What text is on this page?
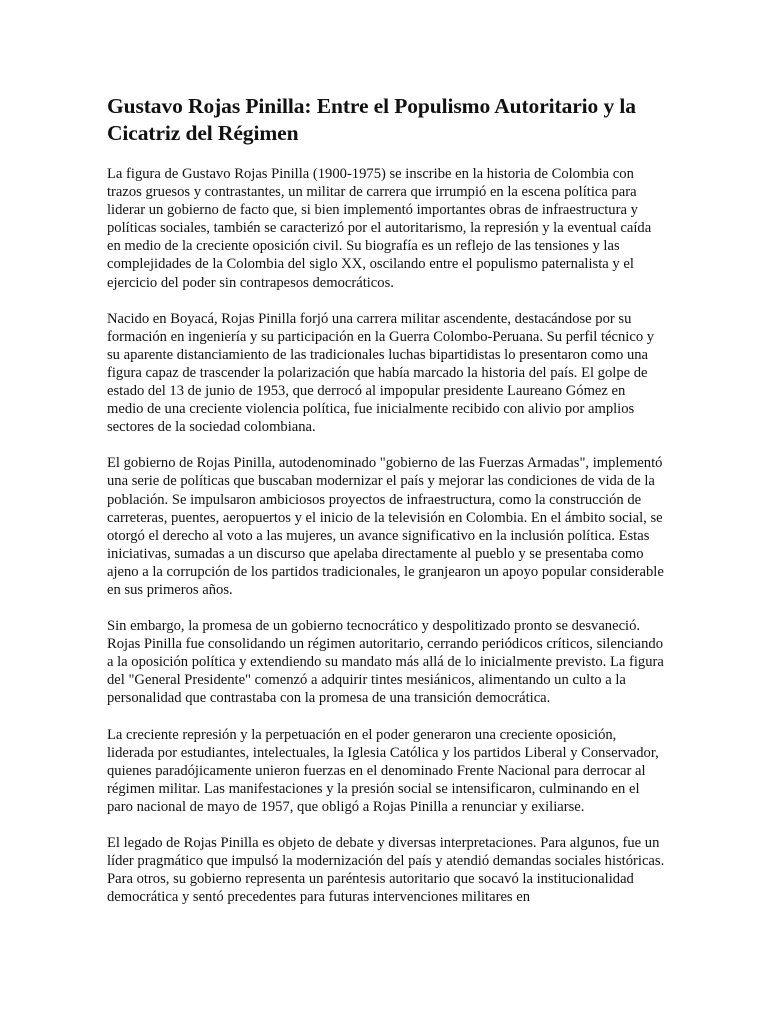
Gustavo Rojas Pinilla: Entre el Populismo Autoritario y la Cicatriz del Régimen

La figura de Gustavo Rojas Pinilla (1900-1975) se inscribe en la historia de Colombia con trazos gruesos y contrastantes, un militar de carrera que irrumpió en la escena política para liderar un gobierno de facto que, si bien implementó importantes obras de infraestructura y políticas sociales, también se caracterizó por el autoritarismo, la represión y la eventual caída en medio de la creciente oposición civil. Su biografía es un reflejo de las tensiones y las complejidades de la Colombia del siglo XX, oscilando entre el populismo paternalista y el ejercicio del poder sin contrapesos democráticos.

Nacido en Boyacá, Rojas Pinilla forjó una carrera militar ascendente, destacándose por su formación en ingeniería y su participación en la Guerra Colombo-Peruana. Su perfil técnico y su aparente distanciamiento de las tradicionales luchas bipartidistas lo presentaron como una figura capaz de trascender la polarización que había marcado la historia del país. El golpe de estado del 13 de junio de 1953, que derrocó al impopular presidente Laureano Gómez en medio de una creciente violencia política, fue inicialmente recibido con alivio por amplios sectores de la sociedad colombiana.

El gobierno de Rojas Pinilla, autodenominado "gobierno de las Fuerzas Armadas", implementó una serie de políticas que buscaban modernizar el país y mejorar las condiciones de vida de la población. Se impulsaron ambiciosos proyectos de infraestructura, como la construcción de carreteras, puentes, aeropuertos y el inicio de la televisión en Colombia. En el ámbito social, se otorgó el derecho al voto a las mujeres, un avance significativo en la inclusión política. Estas iniciativas, sumadas a un discurso que apelaba directamente al pueblo y se presentaba como ajeno a la corrupción de los partidos tradicionales, le granjearon un apoyo popular considerable en sus primeros años.

Sin embargo, la promesa de un gobierno tecnocrático y despolitizado pronto se desvaneció. Rojas Pinilla fue consolidando un régimen autoritario, cerrando periódicos críticos, silenciando a la oposición política y extendiendo su mandato más allá de lo inicialmente previsto. La figura del "General Presidente" comenzó a adquirir tintes mesiánicos, alimentando un culto a la personalidad que contrastaba con la promesa de una transición democrática.

La creciente represión y la perpetuación en el poder generaron una creciente oposición, liderada por estudiantes, intelectuales, la Iglesia Católica y los partidos Liberal y Conservador, quienes paradójicamente unieron fuerzas en el denominado Frente Nacional para derrocar al régimen militar. Las manifestaciones y la presión social se intensificaron, culminando en el paro nacional de mayo de 1957, que obligó a Rojas Pinilla a renunciar y exiliarse.

El legado de Rojas Pinilla es objeto de debate y diversas interpretaciones. Para algunos, fue un líder pragmático que impulsó la modernización del país y atendió demandas sociales históricas. Para otros, su gobierno representa un paréntesis autoritario que socavó la institucionalidad democrática y sentó precedentes para futuras intervenciones militares en
